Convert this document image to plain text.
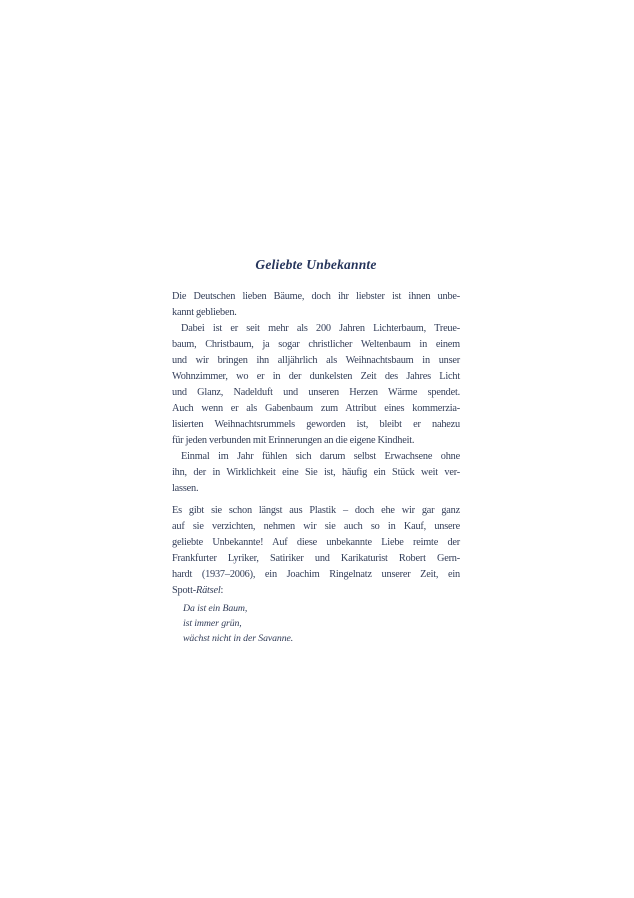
Geliebte Unbekannte
Die Deutschen lieben Bäume, doch ihr liebster ist ihnen unbe-
kannt geblieben.
Dabei ist er seit mehr als 200 Jahren Lichterbaum, Treue-
baum, Christbaum, ja sogar christlicher Weltenbaum in einem
und wir bringen ihn alljährlich als Weihnachtsbaum in unser
Wohnzimmer, wo er in der dunkelsten Zeit des Jahres Licht
und Glanz, Nadelduft und unseren Herzen Wärme spendet.
Auch wenn er als Gabenbaum zum Attribut eines kommerzia-
lisierten Weihnachtsrummels geworden ist, bleibt er nahezu
für jeden verbunden mit Erinnerungen an die eigene Kindheit.
Einmal im Jahr fühlen sich darum selbst Erwachsene ohne
ihn, der in Wirklichkeit eine Sie ist, häufig ein Stück weit ver-
lassen.
Es gibt sie schon längst aus Plastik – doch ehe wir gar ganz
auf sie verzichten, nehmen wir sie auch so in Kauf, unsere
geliebte Unbekannte! Auf diese unbekannte Liebe reimte der
Frankfurter Lyriker, Satiriker und Karikaturist Robert Gern-
hardt (1937–2006), ein Joachim Ringelnatz unserer Zeit, ein
Spott-Rätsel:
Da ist ein Baum,
ist immer grün,
wächst nicht in der Savanne.
